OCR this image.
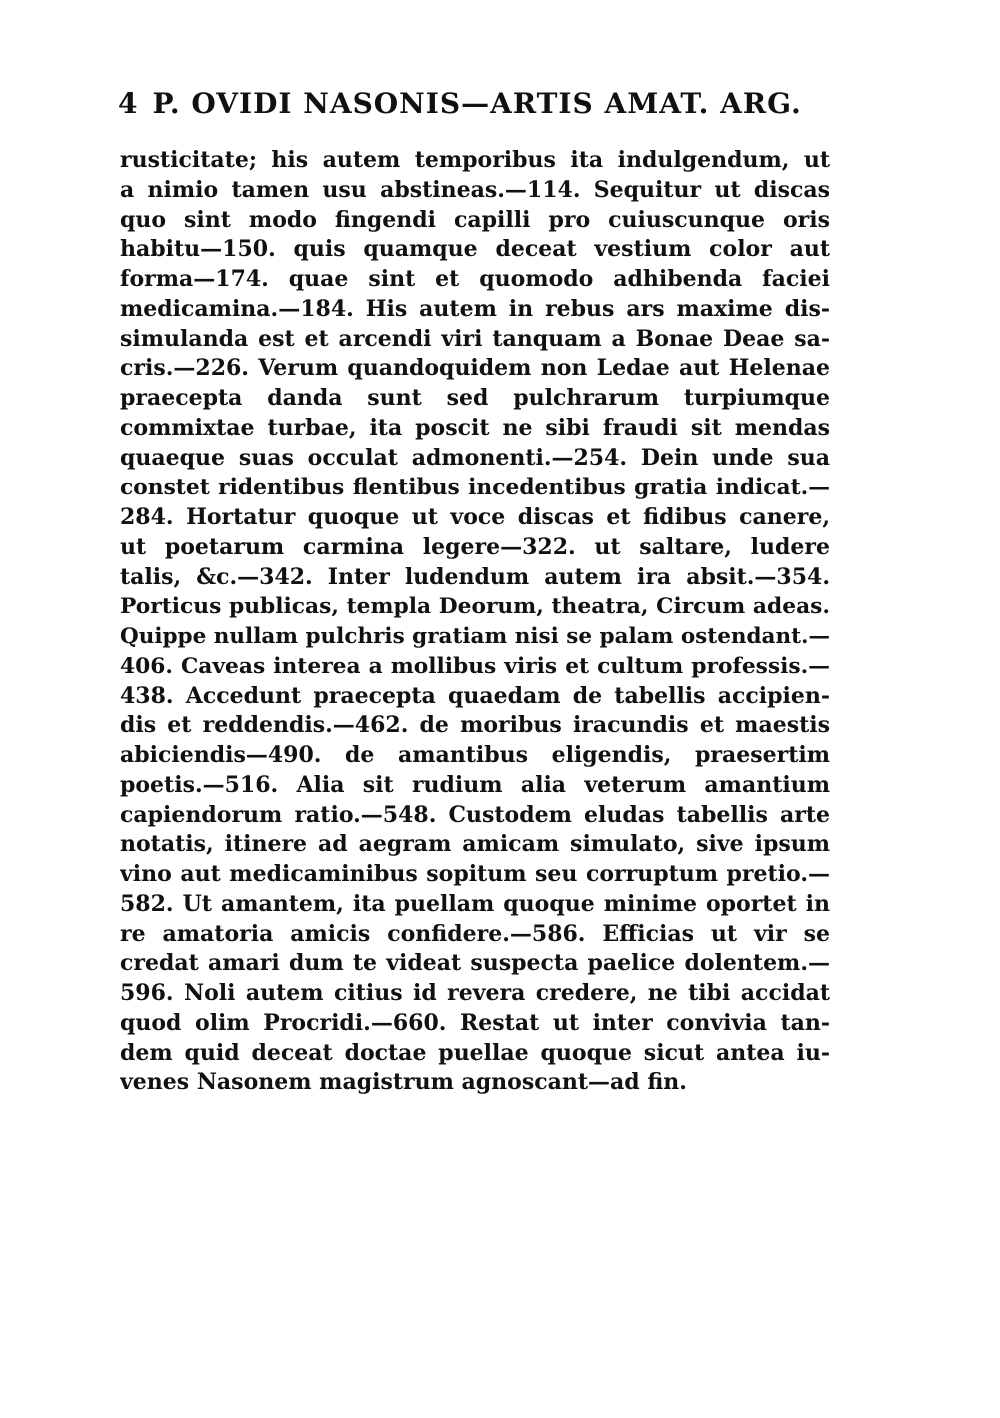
4 P. OVIDI NASONIS—ARTIS AMAT. ARG.
rusticitate; his autem temporibus ita indulgendum, ut
a nimio tamen usu abstineas.—114. Sequitur ut discas
quo sint modo fingendi capilli pro cuiuscunque oris
habitu—150. quis quamque deceat vestium color aut
forma—174. quae sint et quomodo adhibenda faciei
medicamina.—184. His autem in rebus ars maxime dis-
simulanda est et arcendi viri tanquam a Bonae Deae sa-
cris.—226. Verum quandoquidem non Ledae aut Helenae
praecepta danda sunt sed pulchrarum turpiumque
commixtae turbae, ita poscit ne sibi fraudi sit mendas
quaeque suas occulat admonenti.—254. Dein unde sua
constet ridentibus flentibus incedentibus gratia indicat.—
284. Hortatur quoque ut voce discas et fidibus canere,
ut poetarum carmina legere—322. ut saltare, ludere
talis, &c.—342. Inter ludendum autem ira absit.—354.
Porticus publicas, templa Deorum, theatra, Circum adeas.
Quippe nullam pulchris gratiam nisi se palam ostendant.—
406. Caveas interea a mollibus viris et cultum professis.—
438. Accedunt praecepta quaedam de tabellis accipien-
dis et reddendis.—462. de moribus iracundis et maestis
abiciendis—490. de amantibus eligendis, praesertim
poetis.—516. Alia sit rudium alia veterum amantium
capiendorum ratio.—548. Custodem eludas tabellis arte
notatis, itinere ad aegram amicam simulato, sive ipsum
vino aut medicaminibus sopitum seu corruptum pretio.—
582. Ut amantem, ita puellam quoque minime oportet in
re amatoria amicis confidere.—586. Efficias ut vir se
credat amari dum te videat suspecta paelice dolentem.—
596. Noli autem citius id revera credere, ne tibi accidat
quod olim Procridi.—660. Restat ut inter convivia tan-
dem quid deceat doctae puellae quoque sicut antea iu-
venes Nasonem magistrum agnoscant—ad fin.
